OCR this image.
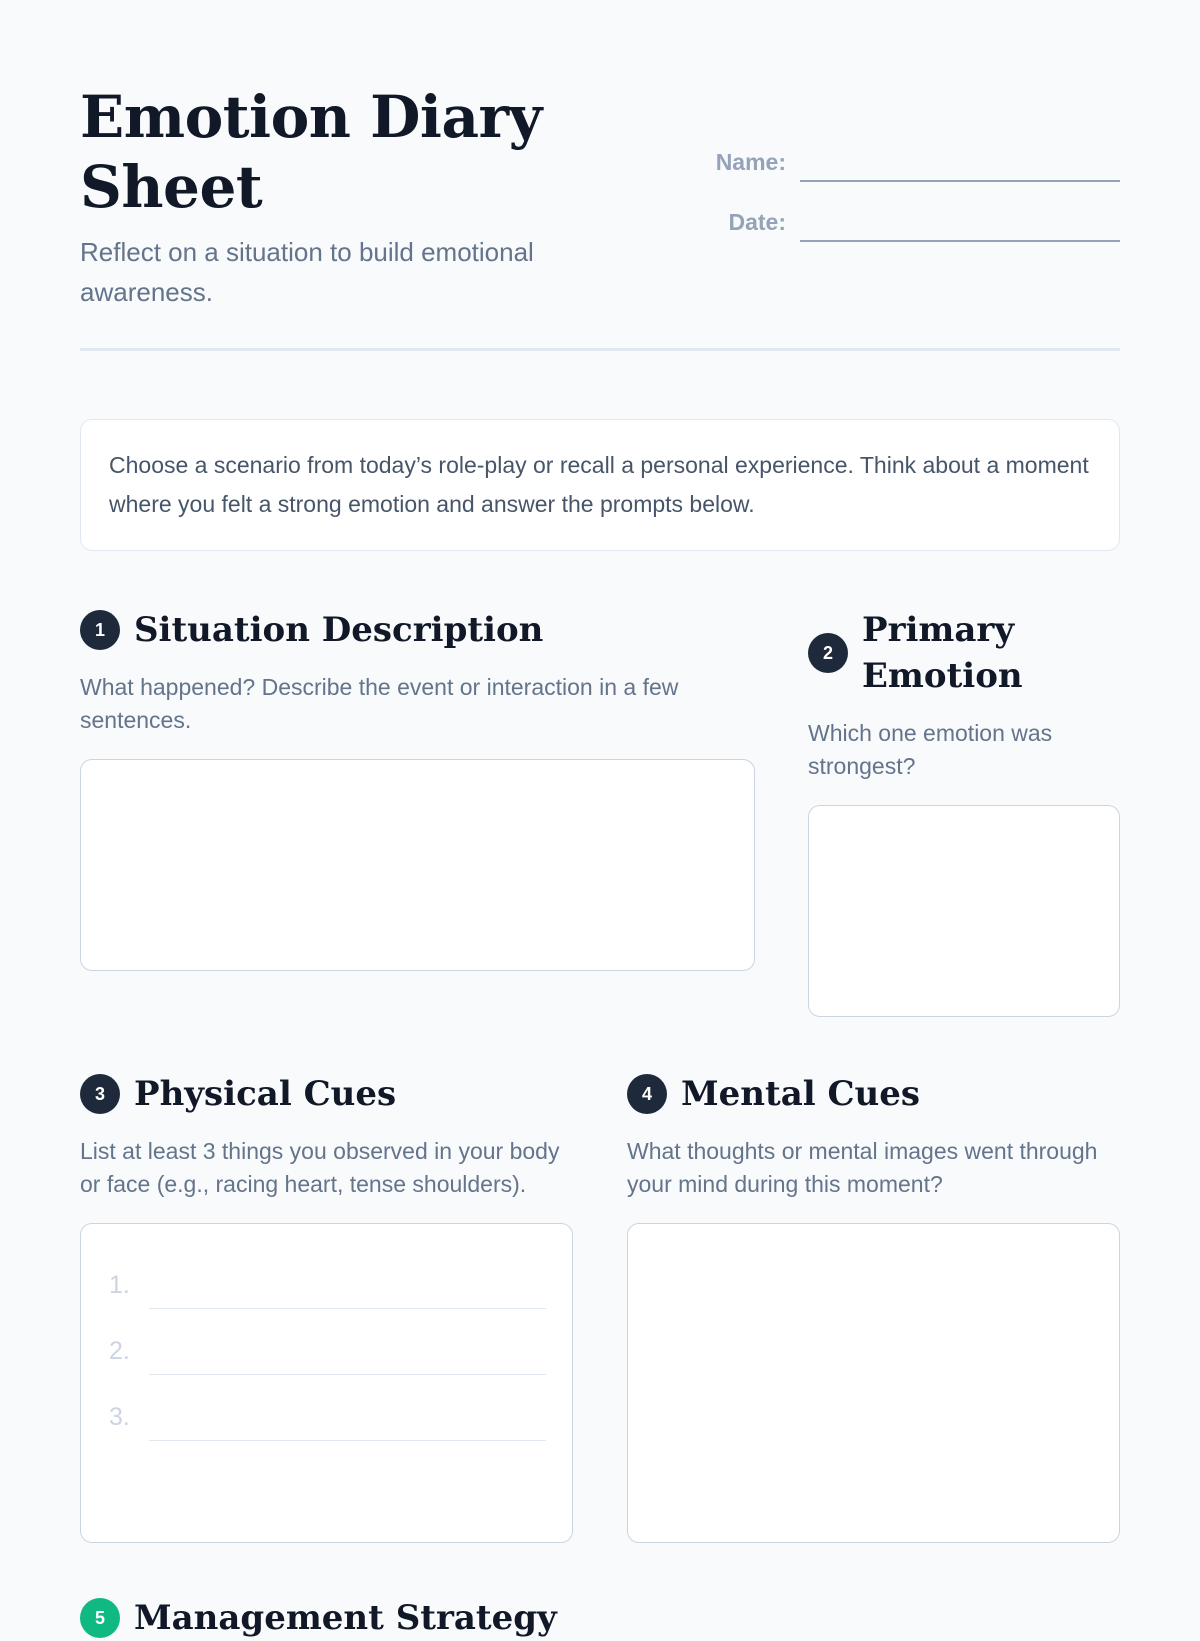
Emotion Diary Sheet

Reflect on a situation to build emotional awareness.

Name:
Date:
Choose a scenario from today’s role-play or recall a personal experience. Think about a moment where you felt a strong emotion and answer the prompts below.
1 Situation Description

What happened? Describe the event or interaction in a few sentences.

2
Primary Emotion

Which one emotion was strongest?

3 Physical Cues

List at least 3 things you observed in your body or face (e.g., racing heart, tense shoulders).

1.
2.
3.
4 Mental Cues

What thoughts or mental images went through your mind during this moment?

5 Management Strategy
